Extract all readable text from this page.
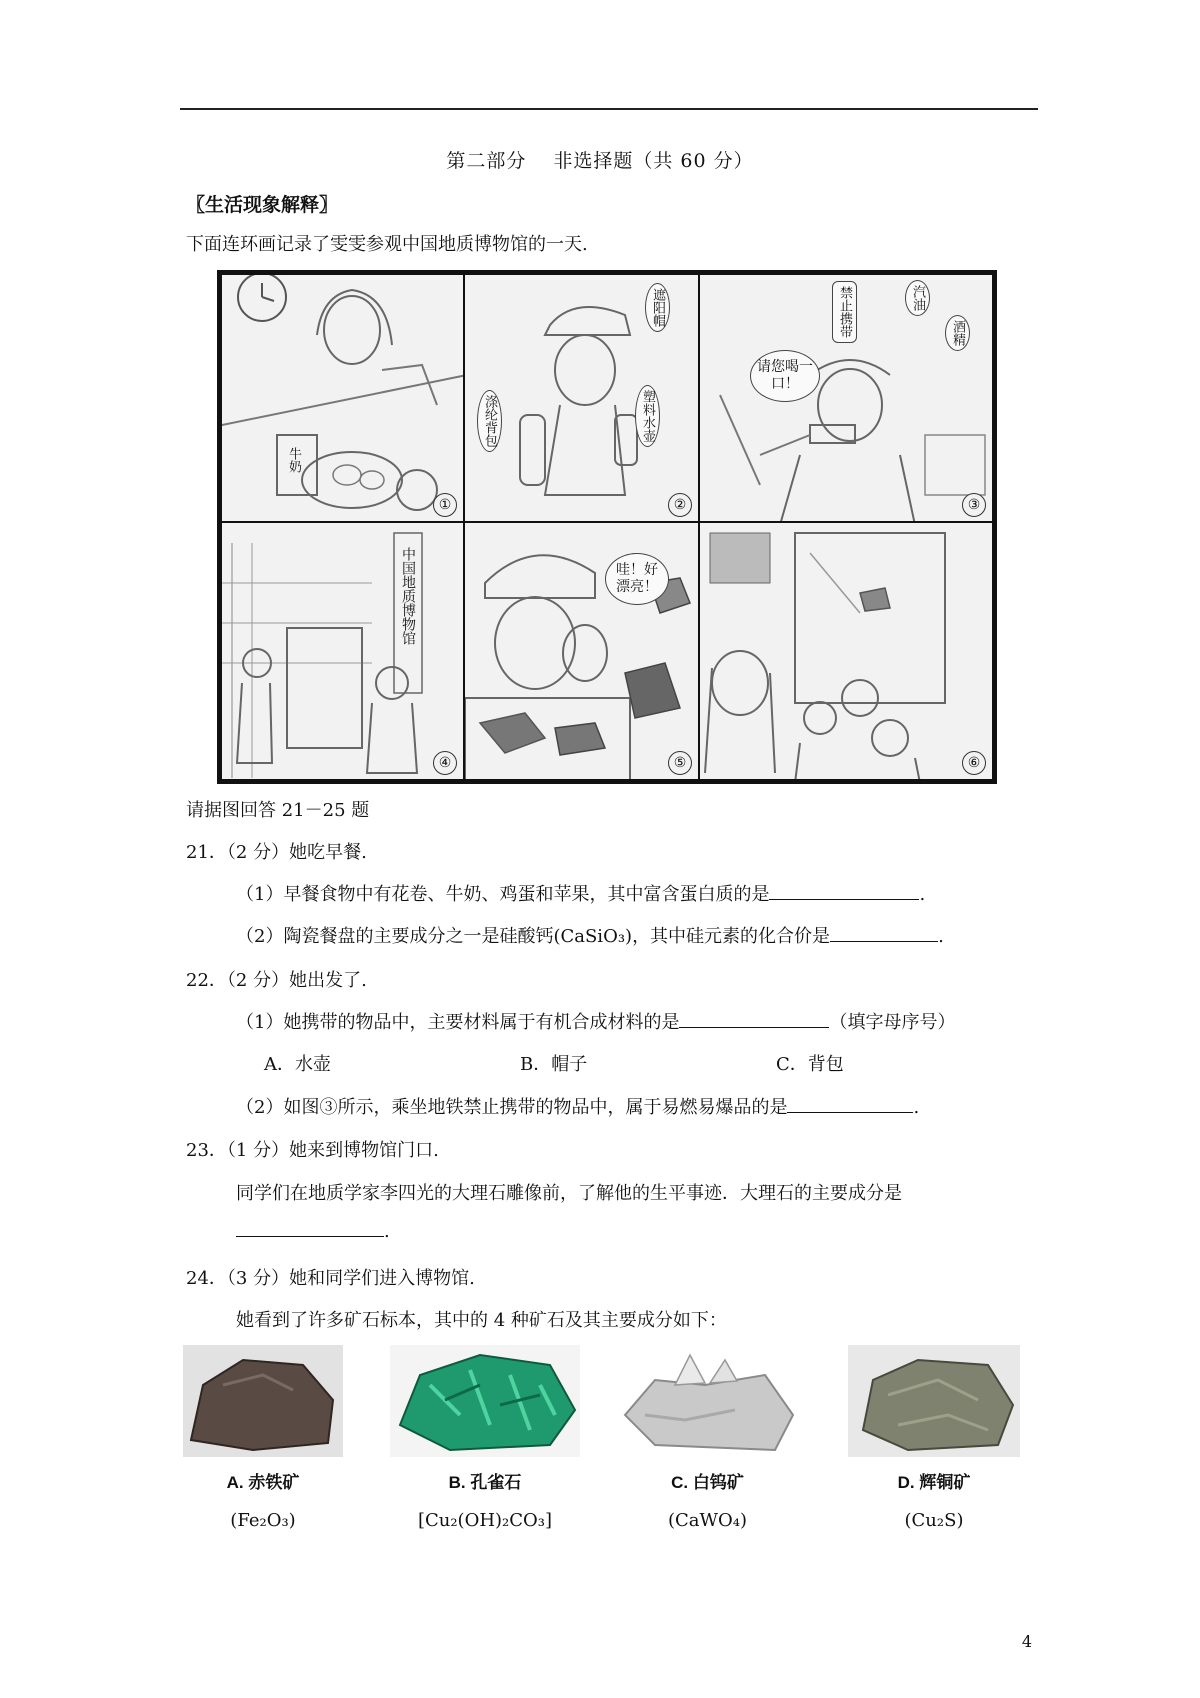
第二部分　 非选择题（共 60 分）
〖生活现象解释〗
下面连环画记录了雯雯参观中国地质博物馆的一天.
牛奶
①
遮阳帽
涤纶背包	塑料水壶
②
禁止携带
请您喝一口！
汽油
酒精
③
中国地质博物馆
④
哇！好漂亮！
⑤	⑥
请据图回答 21－25 题
21．（2 分）她吃早餐.
（1）早餐食物中有花卷、牛奶、鸡蛋和苹果，其中富含蛋白质的是	.
（2）陶瓷餐盘的主要成分之一是硅酸钙(CaSiO₃)，其中硅元素的化合价是	.
22．（2 分）她出发了.
（1）她携带的物品中，主要材料属于有机合成材料的是	（填字母序号）
A．水壶	B．帽子	C．背包
（2）如图③所示，乘坐地铁禁止携带的物品中，属于易燃易爆品的是	.
23．（1 分）她来到博物馆门口.
同学们在地质学家李四光的大理石雕像前，了解他的生平事迹．大理石的主要成分是
.
24．（3 分）她和同学们进入博物馆.
她看到了许多矿石标本，其中的 4 种矿石及其主要成分如下：
A. 赤铁矿	B. 孔雀石	C. 白钨矿	D. 辉铜矿
(Fe₂O₃)	[Cu₂(OH)₂CO₃]	(CaWO₄)	(Cu₂S)
4
